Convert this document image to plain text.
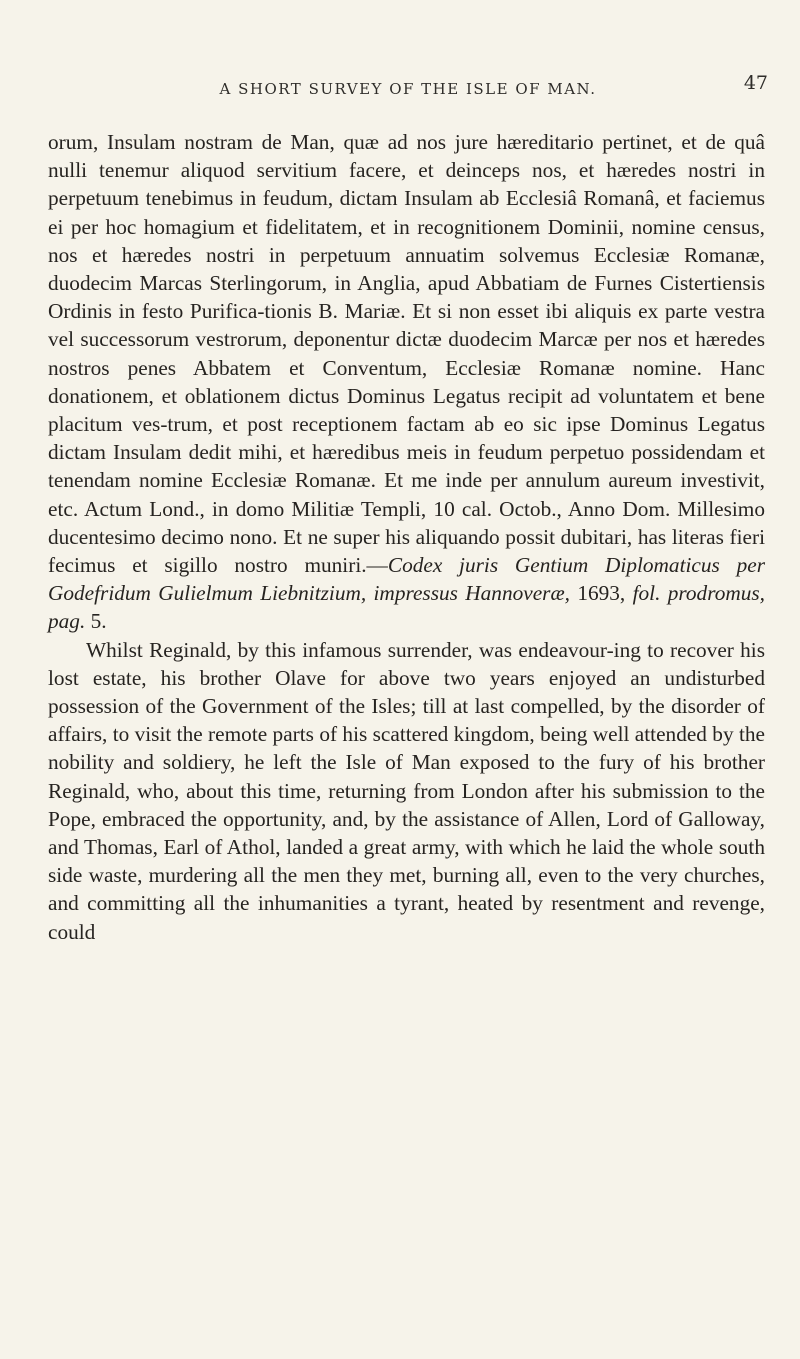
A SHORT SURVEY OF THE ISLE OF MAN.	47

orum, Insulam nostram de Man, quæ ad nos jure hæreditario pertinet, et de quâ nulli tenemur aliquod servitium facere, et deinceps nos, et hæredes nostri in perpetuum tenebimus in feudum, dictam Insulam ab Ecclesiâ Romanâ, et faciemus ei per hoc homagium et fidelitatem, et in recognitionem Dominii, nomine census, nos et hæredes nostri in perpetuum annuatim solvemus Ecclesiæ Romanæ, duodecim Marcas Sterlingorum, in Anglia, apud Abbatiam de Furnes Cistertiensis Ordinis in festo Purifica-tionis B. Mariæ. Et si non esset ibi aliquis ex parte vestra vel successorum vestrorum, deponentur dictæ duodecim Marcæ per nos et hæredes nostros penes Abbatem et Conventum, Ecclesiæ Romanæ nomine. Hanc donationem, et oblationem dictus Dominus Legatus recipit ad voluntatem et bene placitum ves-trum, et post receptionem factam ab eo sic ipse Dominus Legatus dictam Insulam dedit mihi, et hæredibus meis in feudum perpetuo possidendam et tenendam nomine Ecclesiæ Romanæ. Et me inde per annulum aureum investivit, etc. Actum Lond., in domo Militiæ Templi, 10 cal. Octob., Anno Dom. Millesimo ducentesimo decimo nono. Et ne super his aliquando possit dubitari, has literas fieri fecimus et sigillo nostro muniri.—Codex juris Gentium Diplomaticus per Godefridum Gulielmum Liebnitzium, impressus Hannoveræ, 1693, fol. prodromus, pag. 5.

Whilst Reginald, by this infamous surrender, was endeavour-ing to recover his lost estate, his brother Olave for above two years enjoyed an undisturbed possession of the Government of the Isles; till at last compelled, by the disorder of affairs, to visit the remote parts of his scattered kingdom, being well attended by the nobility and soldiery, he left the Isle of Man exposed to the fury of his brother Reginald, who, about this time, returning from London after his submission to the Pope, embraced the opportunity, and, by the assistance of Allen, Lord of Galloway, and Thomas, Earl of Athol, landed a great army, with which he laid the whole south side waste, murdering all the men they met, burning all, even to the very churches, and committing all the inhumanities a tyrant, heated by resentment and revenge, could
